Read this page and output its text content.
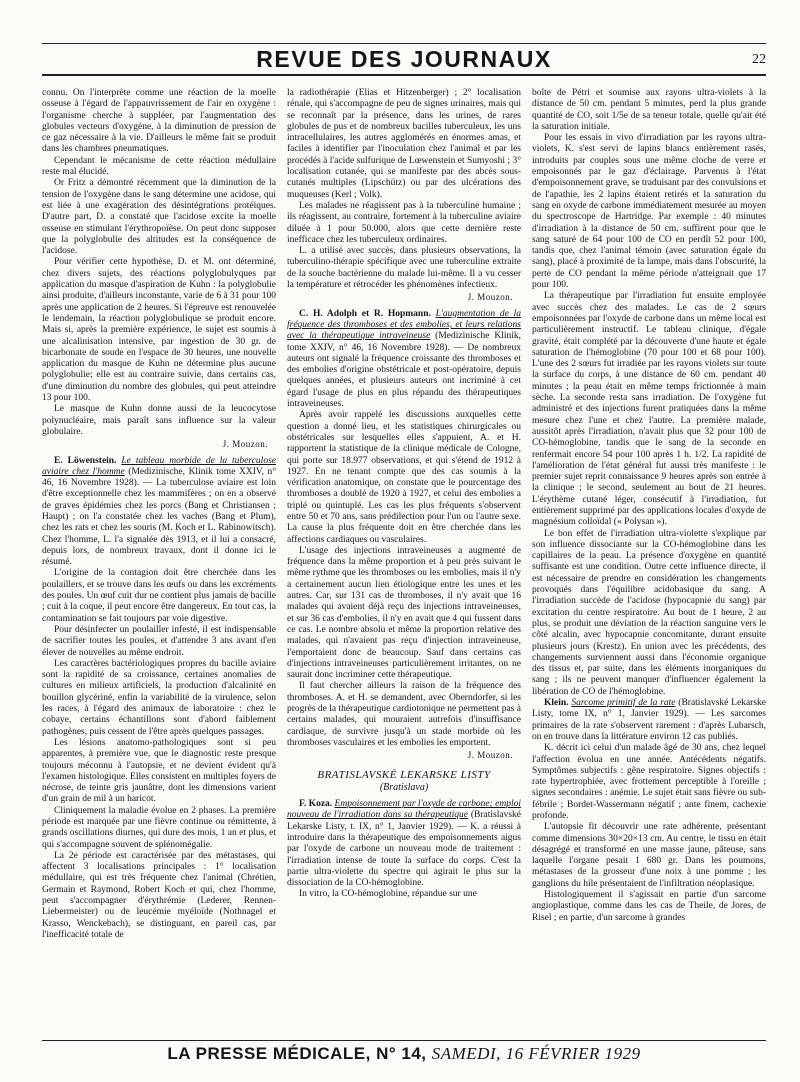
REVUE DES JOURNAUX	22

connu. On l'interprète comme une réaction de la moelle osseuse à l'égard de l'appauvrissement de l'air en oxygène : l'organisme cherche à suppléer, par l'augmentation des globules vecteurs d'oxygène, à la diminution de pression de ce gaz nécessaire à la vie. D'ailleurs le même fait se produit dans les chambres pneumatiques.

Cependant le mécanisme de cette réaction médullaire reste mal élucidé.

Or Fritz a démontré récemment que la diminution de la tension de l'oxygène dans le sang détermine une acidose, qui est liée à une exagération des désintégrations protéiques. D'autre part, D. a constaté que l'acidose excite la moelle osseuse en stimulant l'érythropoïèse. On peut donc supposer que la polyglobulie des altitudes est la conséquence de l'acidose.

Pour vérifier cette hypothèse, D. et M. ont déterminé, chez divers sujets, des réactions polyglobulyques par application du masque d'aspiration de Kuhn : la polyglobulie ainsi produite, d'ailleurs inconstante, varie de 6 à 31 pour 100 après une application de 2 heures. Si l'épreuve est renouvelée le lendemain, la réaction polyglobulique se produit encore. Mais si, après la première expérience, le sujet est soumis à une alcalinisation intensive, par ingestion de 30 gr. de bicarbonate de soude en l'espace de 30 heures, une nouvelle application du masque de Kuhn ne détermine plus aucune polyglobulie; elle est au contraire suivie, dans certains cas, d'une diminution du nombre des globules, qui peut atteindre 13 pour 100.

Le masque de Kuhn donne aussi de la leucocytose polynucléaire, mais paraît sans influence sur la valeur globulaire.

J. Mouzon.

E. Löwenstein. Le tableau morbide de la tuberculose aviaire chez l'homme (Medizinische, Klinik tome XXIV, n° 46, 16 Novembre 1928). — La tuberculose aviaire est loin d'être exceptionnelle chez les mammifères ; on en a observé de graves épidémies chez les porcs (Bang et Christiansen ; Haupt) ; on l'a constatée chez les vaches (Bang et Plum), chez les rats et chez les souris (M. Koch et L. Rabinowitsch). Chez l'homme, L. l'a signalée dès 1913, et il lui a consacré, depuis lors, de nombreux travaux, dont il donne ici le résumé.

L'origine de la contagion doit être cherchée dans les poulaillers, et se trouve dans les œufs ou dans les excréments des poules. Un œuf cuit dur ne contient plus jamais de bacille ; cuit à la coque, il peut encore être dangereux. En tout cas, la contamination se fait toujours par voie digestive.

Pour désinfecter un poulailler infesté, il est indispensable de sacrifier toutes les poules, et d'attendre 3 ans avant d'en élever de nouvelles au même endroit.

Les caractères bactériologiques propres du bacille aviaire sont la rapidité de sa croissance, certaines anomalies de cultures en milieux artificiels, la production d'alcalinité en bouillon glycériné, enfin la variabilité de la virulence, selon les races, à l'égard des animaux de laboratoire : chez le cobaye, certains échantillons sont d'abord faiblement pathogènes, puis cessent de l'être après quelques passages.

Les lésions anatomo-pathologiques sont si peu apparentes, à première vue, que le diagnostic reste presque toujours méconnu à l'autopsie, et ne devient évident qu'à l'examen histologique. Elles consistent en multiples foyers de nécrose, de teinte gris jaunâtre, dont les dimensions varient d'un grain de mil à un haricot.

Cliniquement la maladie évolue en 2 phases. La première période est marquée par une fièvre continue ou rémittente, à grands oscillations diurnes, qui dure des mois, 1 an et plus, et qui s'accompagne souvent de splénomégalie.

La 2e période est caractérisée par des métastases, qui affectent 3 localisations principales : 1° localisation médullaire, qui est très fréquente chez l'animal (Chrétien, Germain et Raymond, Robert Koch et qui, chez l'homme, peut s'accompagner d'érythrémie (Lederer, Rennen-Liebermeister) ou de leucémie myéloïde (Nothnagel et Krasso, Wenckebach), se distinguant, en pareil cas, par l'inefficacité totale de

la radiothérapie (Elias et Hitzenberger) ; 2° localisation rénale, qui s'accompagne de peu de signes urinaires, mais qui se reconnaît par la présence, dans les urines, de rares globules de pus et de nombreux bacilles tuberculeux, les uns intracellulaires, les autres agglomérés en énormes amas, et faciles à identifier par l'inoculation chez l'animal et par les procédés à l'acide sulfurique de Lœwenstein et Sumyoshi ; 3° localisation cutanée, qui se manifeste par des abcès sous-cutanés multiples (Lipschütz) ou par des ulcérations des muqueuses (Kerl ; Volk).

Les malades ne réagissent pas à la tuberculine humaine ; ils réagissent, au contraire, fortement à la tuberculine aviaire diluée à 1 pour 50.000, alors que cette dernière reste inefficace chez les tuberculeux ordinaires.

L. a utilisé avec succès, dans plusieurs observations, la tuberculino-thérapie spécifique avec une tuberculine extraite de la souche bactérienne du malade lui-même. Il a vu cesser la température et rétrocéder les phénomènes infectieux.

J. Mouzon.

C. H. Adolph et R. Hopmann. L'augmentation de la fréquence des thromboses et des embolies, et leurs relations avec la thérapeutique intraveineuse (Medizinische Klinik, tome XXIV, n° 46, 16 Novembre 1928). — De nombreux auteurs ont signalé la fréquence croissante des thromboses et des embolies d'origine obstétricale et post-opératoire, depuis quelques années, et plusieurs auteurs ont incriminé à cet égard l'usage de plus en plus répandu des thérapeutiques intraveineuses.

Après avoir rappelé les discussions auxquelles cette question a donné lieu, et les statistiques chirurgicales ou obstétricales sur lesquelles elles s'appuient, A. et H. rapportent la statistique de la clinique médicale de Cologne, qui porte sur 18.977 observations, et qui s'étend de 1912 à 1927. En ne tenant compte que des cas soumis à la vérification anatomique, on constate que le pourcentage des thromboses a doublé de 1920 à 1927, et celui des embolies a triplé ou quintuplé. Les cas les plus fréquents s'observent entre 50 et 70 ans, sans prédilection pour l'un ou l'autre sexe. La cause la plus fréquente doit en être cherchée dans les affections cardiaques ou vasculaires.

L'usage des injections intraveineuses a augmenté de fréquence dans la même proportion et à peu près suivant le même rythme que les thromboses ou les embolies, mais il n'y a certainement aucun lien étiologique entre les unes et les autres. Car, sur 131 cas de thromboses, il n'y avait que 16 malades qui avaient déjà reçu des injections intraveineuses, et sur 36 cas d'embolies, il n'y en avait que 4 qui fussent dans ce cas. Le nombre absolu et même la proportion relative des malades, qui n'avaient pas reçu d'injection intraveineuse, l'emportaient donc de beaucoup. Sauf dans certains cas d'injections intraveineuses particulièrement irritantes, on ne saurait donc incriminer cette thérapeutique.

Il faut chercher ailleurs la raison de la fréquence des thromboses. A. et H. se demandent, avec Oberndorfer, si les progrès de la thérapeutique cardiotonique ne permettent pas à certains malades, qui mouraient autrefois d'insuffisance cardiaque, de survivre jusqu'à un stade morbide où les thromboses vasculaires et les embolies les emportent.

J. Mouzon.
BRATISLAVSKÉ LEKARSKE LISTY
(Bratislava)

F. Koza. Empoisonnement par l'oxyde de carbone; emploi nouveau de l'irradiation dans sa thérapeutique (Bratislavské Lekarske Listy, t. IX, n° 1, Janvier 1929). — K. a réussi à introduire dans la thérapeutique des empoisonnements aigus par l'oxyde de carbone un nouveau mode de traitement : l'irradiation intense de toute la surface du corps. C'est la partie ultra-violette du spectre qui agirait le plus sur la dissociation de la CO-hémoglobine.

In vitro, la CO-hémoglobine, répandue sur une

boîte de Pétri et soumise aux rayons ultra-violets à la distance de 50 cm. pendant 5 minutes, perd la plus grande quantité de CO, soit 1/5e de sa teneur totale, quelle qu'ait été la saturation initiale.

Pour les essais in vivo d'irradiation par les rayons ultra-violets, K. s'est servi de lapins blancs entièrement rasés, introduits par couples sous une même cloche de verre et empoisonnés par le gaz d'éclairage. Parvenus à l'état d'empoisonnement grave, se traduisant par des convulsions et de l'apathie, les 2 lapins étaient retirés et la saturation du sang en oxyde de carbone immédiatement mesurée au moyen du spectroscope de Hartridge. Par exemple : 40 minutes d'irradiation à la distance de 50 cm. suffirent pour que le sang saturé de 64 pour 100 de CO en perdît 52 pour 100, tandis que, chez l'animal témoin (avec saturation égale du sang), placé à proximité de la lampe, mais dans l'obscurité, la perte de CO pendant la même période n'atteignait que 17 pour 100.

La thérapeutique par l'irradiation fut ensuite employée avec succès chez des malades. Le cas de 2 sœurs empoisonnées par l'oxyde de carbone dans un même local est particulièrement instructif. Le tableau clinique, d'égale gravité, était complété par la découverte d'une haute et égale saturation de l'hémoglobine (70 pour 100 et 68 pour 100). L'une des 2 sœurs fut irradiée par les rayons violets sur toute la surface du corps, à une distance de 60 cm. pendant 40 minutes ; la peau était en même temps frictionnée à main sèche. La seconde resta sans irradiation. De l'oxygène fut administré et des injections furent pratiquées dans la même mesure chez l'une et chez l'autre. La première malade, aussitôt après l'irradiation, n'avait plus que 32 pour 100 de CO-hémoglobine, tandis que le sang de la seconde en renfermait encore 54 pour 100 après 1 h. 1/2. La rapidité de l'amélioration de l'état général fut aussi très manifeste : le premier sujet reprit connaissance 9 heures après son entrée à la clinique ; le second, seulement au bout de 21 heures. L'érythème cutané léger, consécutif à l'irradiation, fut entièrement supprimé par des applications locales d'oxyde de magnésium colloïdal (« Polysan »).

Le bon effet de l'irradiation ultra-violette s'explique par son influence dissociante sur la CO-hémoglobine dans les capillaires de la peau. La présence d'oxygène en quantité suffisante est une condition. Outre cette influence directe, il est nécessaire de prendre en considération les changements provoqués dans l'équilibre acidobasique du sang. A l'irradiation succède de l'acidose (hypocapnie du sang) par excitation du centre respiratoire. Au bout de 1 heure, 2 au plus, se produit une déviation de la réaction sanguine vers le côté alcalin, avec hypocapnie concomitante, durant ensuite plusieurs jours (Krestz). En union avec les précédents, des changements surviennent aussi dans l'économie organique des tissus et, par suite, dans les éléments inorganiques du sang ; ils ne peuvent manquer d'influencer également la libération de CO de l'hémoglobine.

Klein. Sarcome primitif de la rate (Bratislavské Lekarske Listy, tome IX, n° 1, Janvier 1929). — Les sarcomes primaires de la rate s'observent rarement : d'après Lubarsch, on en trouve dans la littérature environ 12 cas publiés.

K. décrit ici celui d'un malade âgé de 30 ans, chez lequel l'affection évolua en une année. Antécédents négatifs. Symptômes subjectifs : gêne respiratoire. Signes objectifs : rate hypertrophiée, avec frottement perceptible à l'oreille ; signes secondaires : anémie. Le sujet était sans fièvre ou sub-fébrile ; Bordet-Wassermann négatif ; ante finem, cachexie profonde.

L'autopsie fit découvrir une rate adhérente, présentant comme dimensions 30×20×13 cm. Au centre, le tissu en était désagrégé et transformé en une masse jaune, pâteuse, sans laquelle l'organe pesait 1 680 gr. Dans les poumons, métastases de la grosseur d'une noix à une pomme ; les ganglions du hile présentaient de l'infiltration néoplasique.

Histologiquement il s'agissait en partie d'un sarcome angioplastique, comme dans les cas de Theile, de Jores, de Risel ; en partie, d'un sarcome à grandes

LA PRESSE MÉDICALE, N° 14, SAMEDI, 16 FÉVRIER 1929
